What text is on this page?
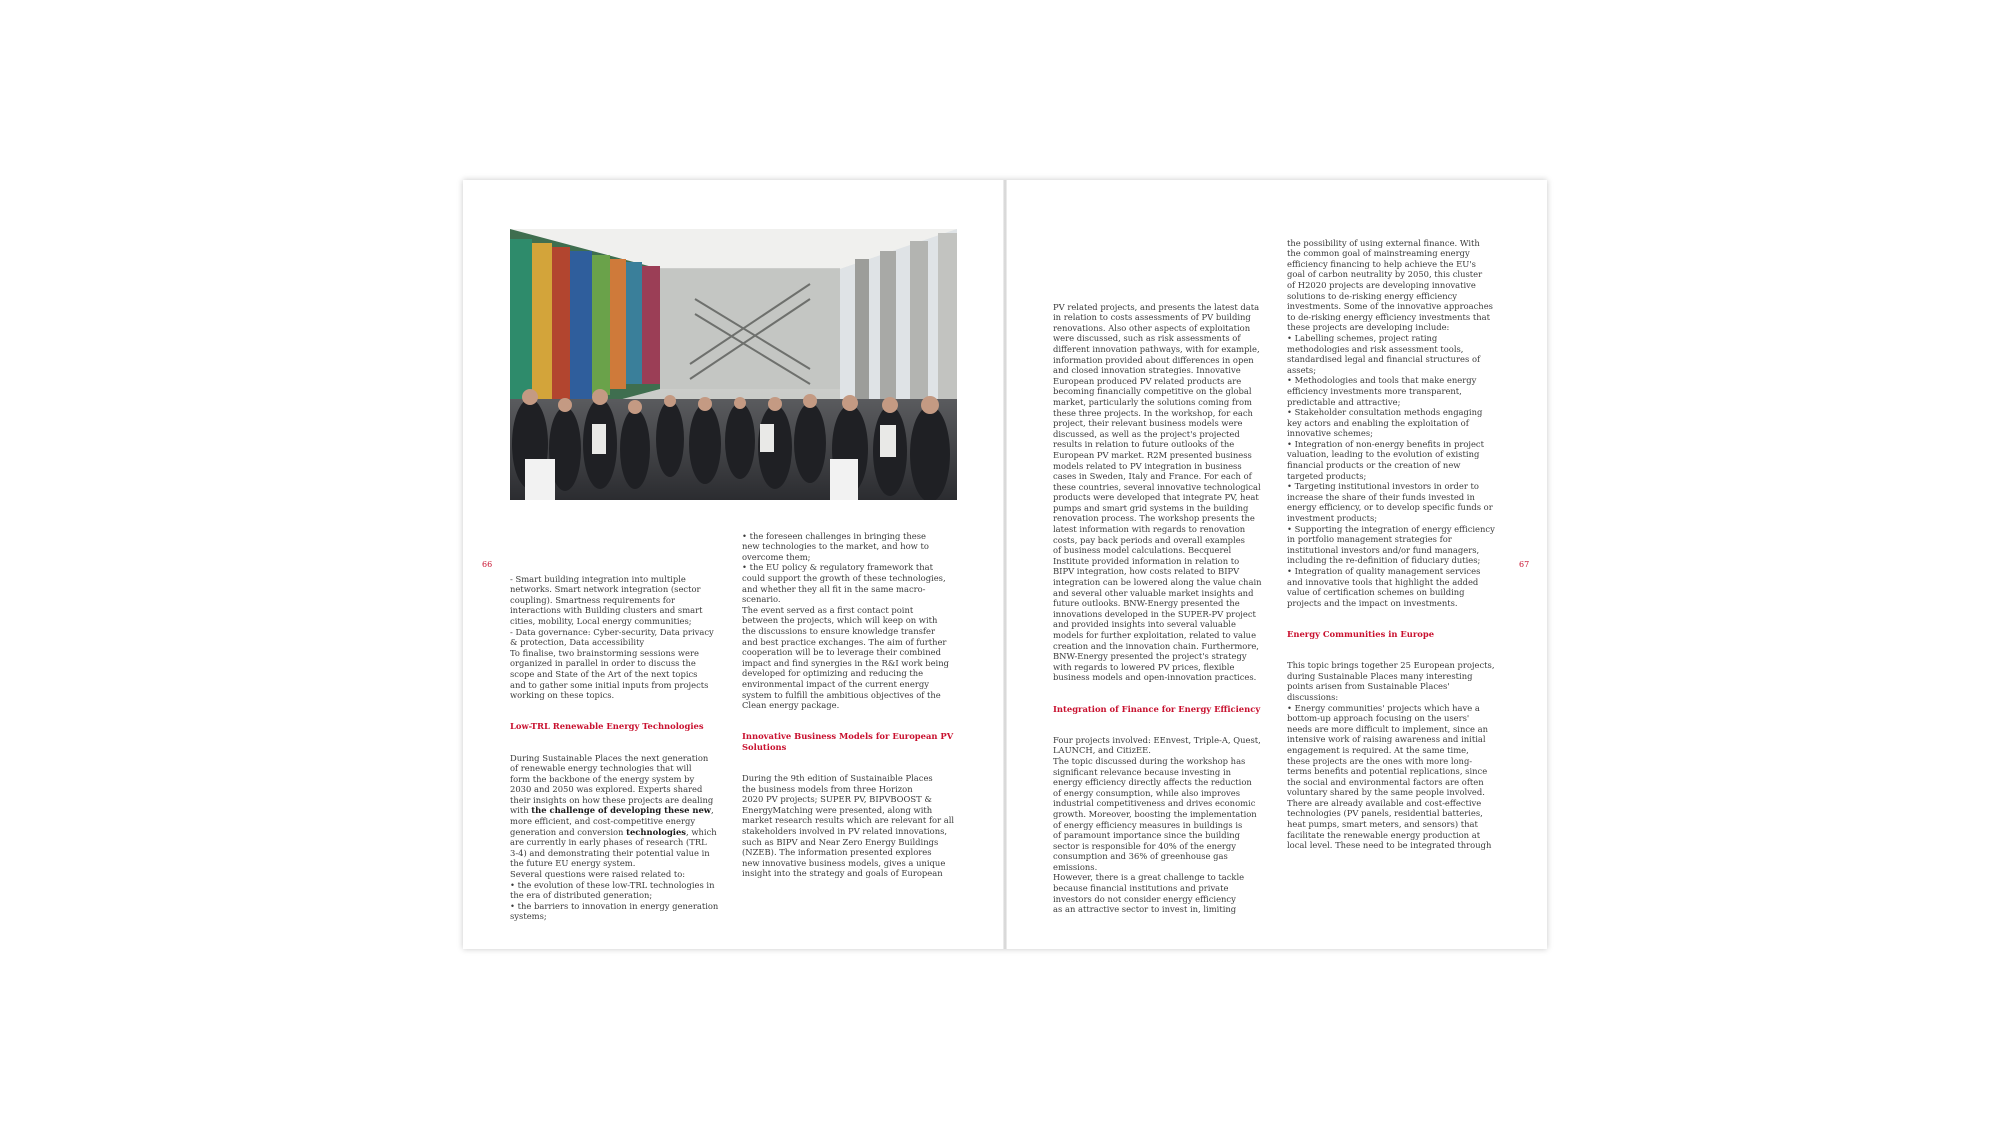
66

- Smart building integration into multiple
networks. Smart network integration (sector
coupling). Smartness requirements for
interactions with Building clusters and smart
cities, mobility, Local energy communities;
- Data governance: Cyber-security, Data privacy
& protection, Data accessibility
To finalise, two brainstorming sessions were
organized in parallel in order to discuss the
scope and State of the Art of the next topics
and to gather some initial inputs from projects
working on these topics.

Low-TRL Renewable Energy Technologies

During Sustainable Places the next generation
of renewable energy technologies that will
form the backbone of the energy system by
2030 and 2050 was explored. Experts shared
their insights on how these projects are dealing
with the challenge of developing these new,
more efficient, and cost-competitive energy
generation and conversion technologies, which
are currently in early phases of research (TRL
3-4) and demonstrating their potential value in
the future EU energy system.
Several questions were raised related to:
• the evolution of these low-TRL technologies in
the era of distributed generation;
• the barriers to innovation in energy generation
systems;

• the foreseen challenges in bringing these
new technologies to the market, and how to
overcome them;
• the EU policy & regulatory framework that
could support the growth of these technologies,
and whether they all fit in the same macro-
scenario.
The event served as a first contact point
between the projects, which will keep on with
the discussions to ensure knowledge transfer
and best practice exchanges. The aim of further
cooperation will be to leverage their combined
impact and find synergies in the R&I work being
developed for optimizing and reducing the
environmental impact of the current energy
system to fulfill the ambitious objectives of the
Clean energy package.

Innovative Business Models for European PV
Solutions

During the 9th edition of Sustainaible Places
the business models from three Horizon
2020 PV projects; SUPER PV, BIPVBOOST &
EnergyMatching were presented, along with
market research results which are relevant for all
stakeholders involved in PV related innovations,
such as BIPV and Near Zero Energy Buildings
(NZEB). The information presented explores
new innovative business models, gives a unique
insight into the strategy and goals of European

67

PV related projects, and presents the latest data
in relation to costs assessments of PV building
renovations. Also other aspects of exploitation
were discussed, such as risk assessments of
different innovation pathways, with for example,
information provided about differences in open
and closed innovation strategies. Innovative
European produced PV related products are
becoming financially competitive on the global
market, particularly the solutions coming from
these three projects. In the workshop, for each
project, their relevant business models were
discussed, as well as the project's projected
results in relation to future outlooks of the
European PV market. R2M presented business
models related to PV integration in business
cases in Sweden, Italy and France. For each of
these countries, several innovative technological
products were developed that integrate PV, heat
pumps and smart grid systems in the building
renovation process. The workshop presents the
latest information with regards to renovation
costs, pay back periods and overall examples
of business model calculations. Becquerel
Institute provided information in relation to
BIPV integration, how costs related to BIPV
integration can be lowered along the value chain
and several other valuable market insights and
future outlooks. BNW-Energy presented the
innovations developed in the SUPER-PV project
and provided insights into several valuable
models for further exploitation, related to value
creation and the innovation chain. Furthermore,
BNW-Energy presented the project's strategy
with regards to lowered PV prices, flexible
business models and open-innovation practices.

Integration of Finance for Energy Efficiency

Four projects involved: EEnvest, Triple-A, Quest,
LAUNCH, and CitizEE.
The topic discussed during the workshop has
significant relevance because investing in
energy efficiency directly affects the reduction
of energy consumption, while also improves
industrial competitiveness and drives economic
growth. Moreover, boosting the implementation
of energy efficiency measures in buildings is
of paramount importance since the building
sector is responsible for 40% of the energy
consumption and 36% of greenhouse gas
emissions.
However, there is a great challenge to tackle
because financial institutions and private
investors do not consider energy efficiency
as an attractive sector to invest in, limiting

the possibility of using external finance. With
the common goal of mainstreaming energy
efficiency financing to help achieve the EU's
goal of carbon neutrality by 2050, this cluster
of H2020 projects are developing innovative
solutions to de-risking energy efficiency
investments. Some of the innovative approaches
to de-risking energy efficiency investments that
these projects are developing include:
• Labelling schemes, project rating
methodologies and risk assessment tools,
standardised legal and financial structures of
assets;
• Methodologies and tools that make energy
efficiency investments more transparent,
predictable and attractive;
• Stakeholder consultation methods engaging
key actors and enabling the exploitation of
innovative schemes;
• Integration of non-energy benefits in project
valuation, leading to the evolution of existing
financial products or the creation of new
targeted products;
• Targeting institutional investors in order to
increase the share of their funds invested in
energy efficiency, or to develop specific funds or
investment products;
• Supporting the integration of energy efficiency
in portfolio management strategies for
institutional investors and/or fund managers,
including the re-definition of fiduciary duties;
• Integration of quality management services
and innovative tools that highlight the added
value of certification schemes on building
projects and the impact on investments.

Energy Communities in Europe

This topic brings together 25 European projects,
during Sustainable Places many interesting
points arisen from Sustainable Places'
discussions:
• Energy communities' projects which have a
bottom-up approach focusing on the users'
needs are more difficult to implement, since an
intensive work of raising awareness and initial
engagement is required. At the same time,
these projects are the ones with more long-
terms benefits and potential replications, since
the social and environmental factors are often
voluntary shared by the same people involved.
There are already available and cost-effective
technologies (PV panels, residential batteries,
heat pumps, smart meters, and sensors) that
facilitate the renewable energy production at
local level. These need to be integrated through
